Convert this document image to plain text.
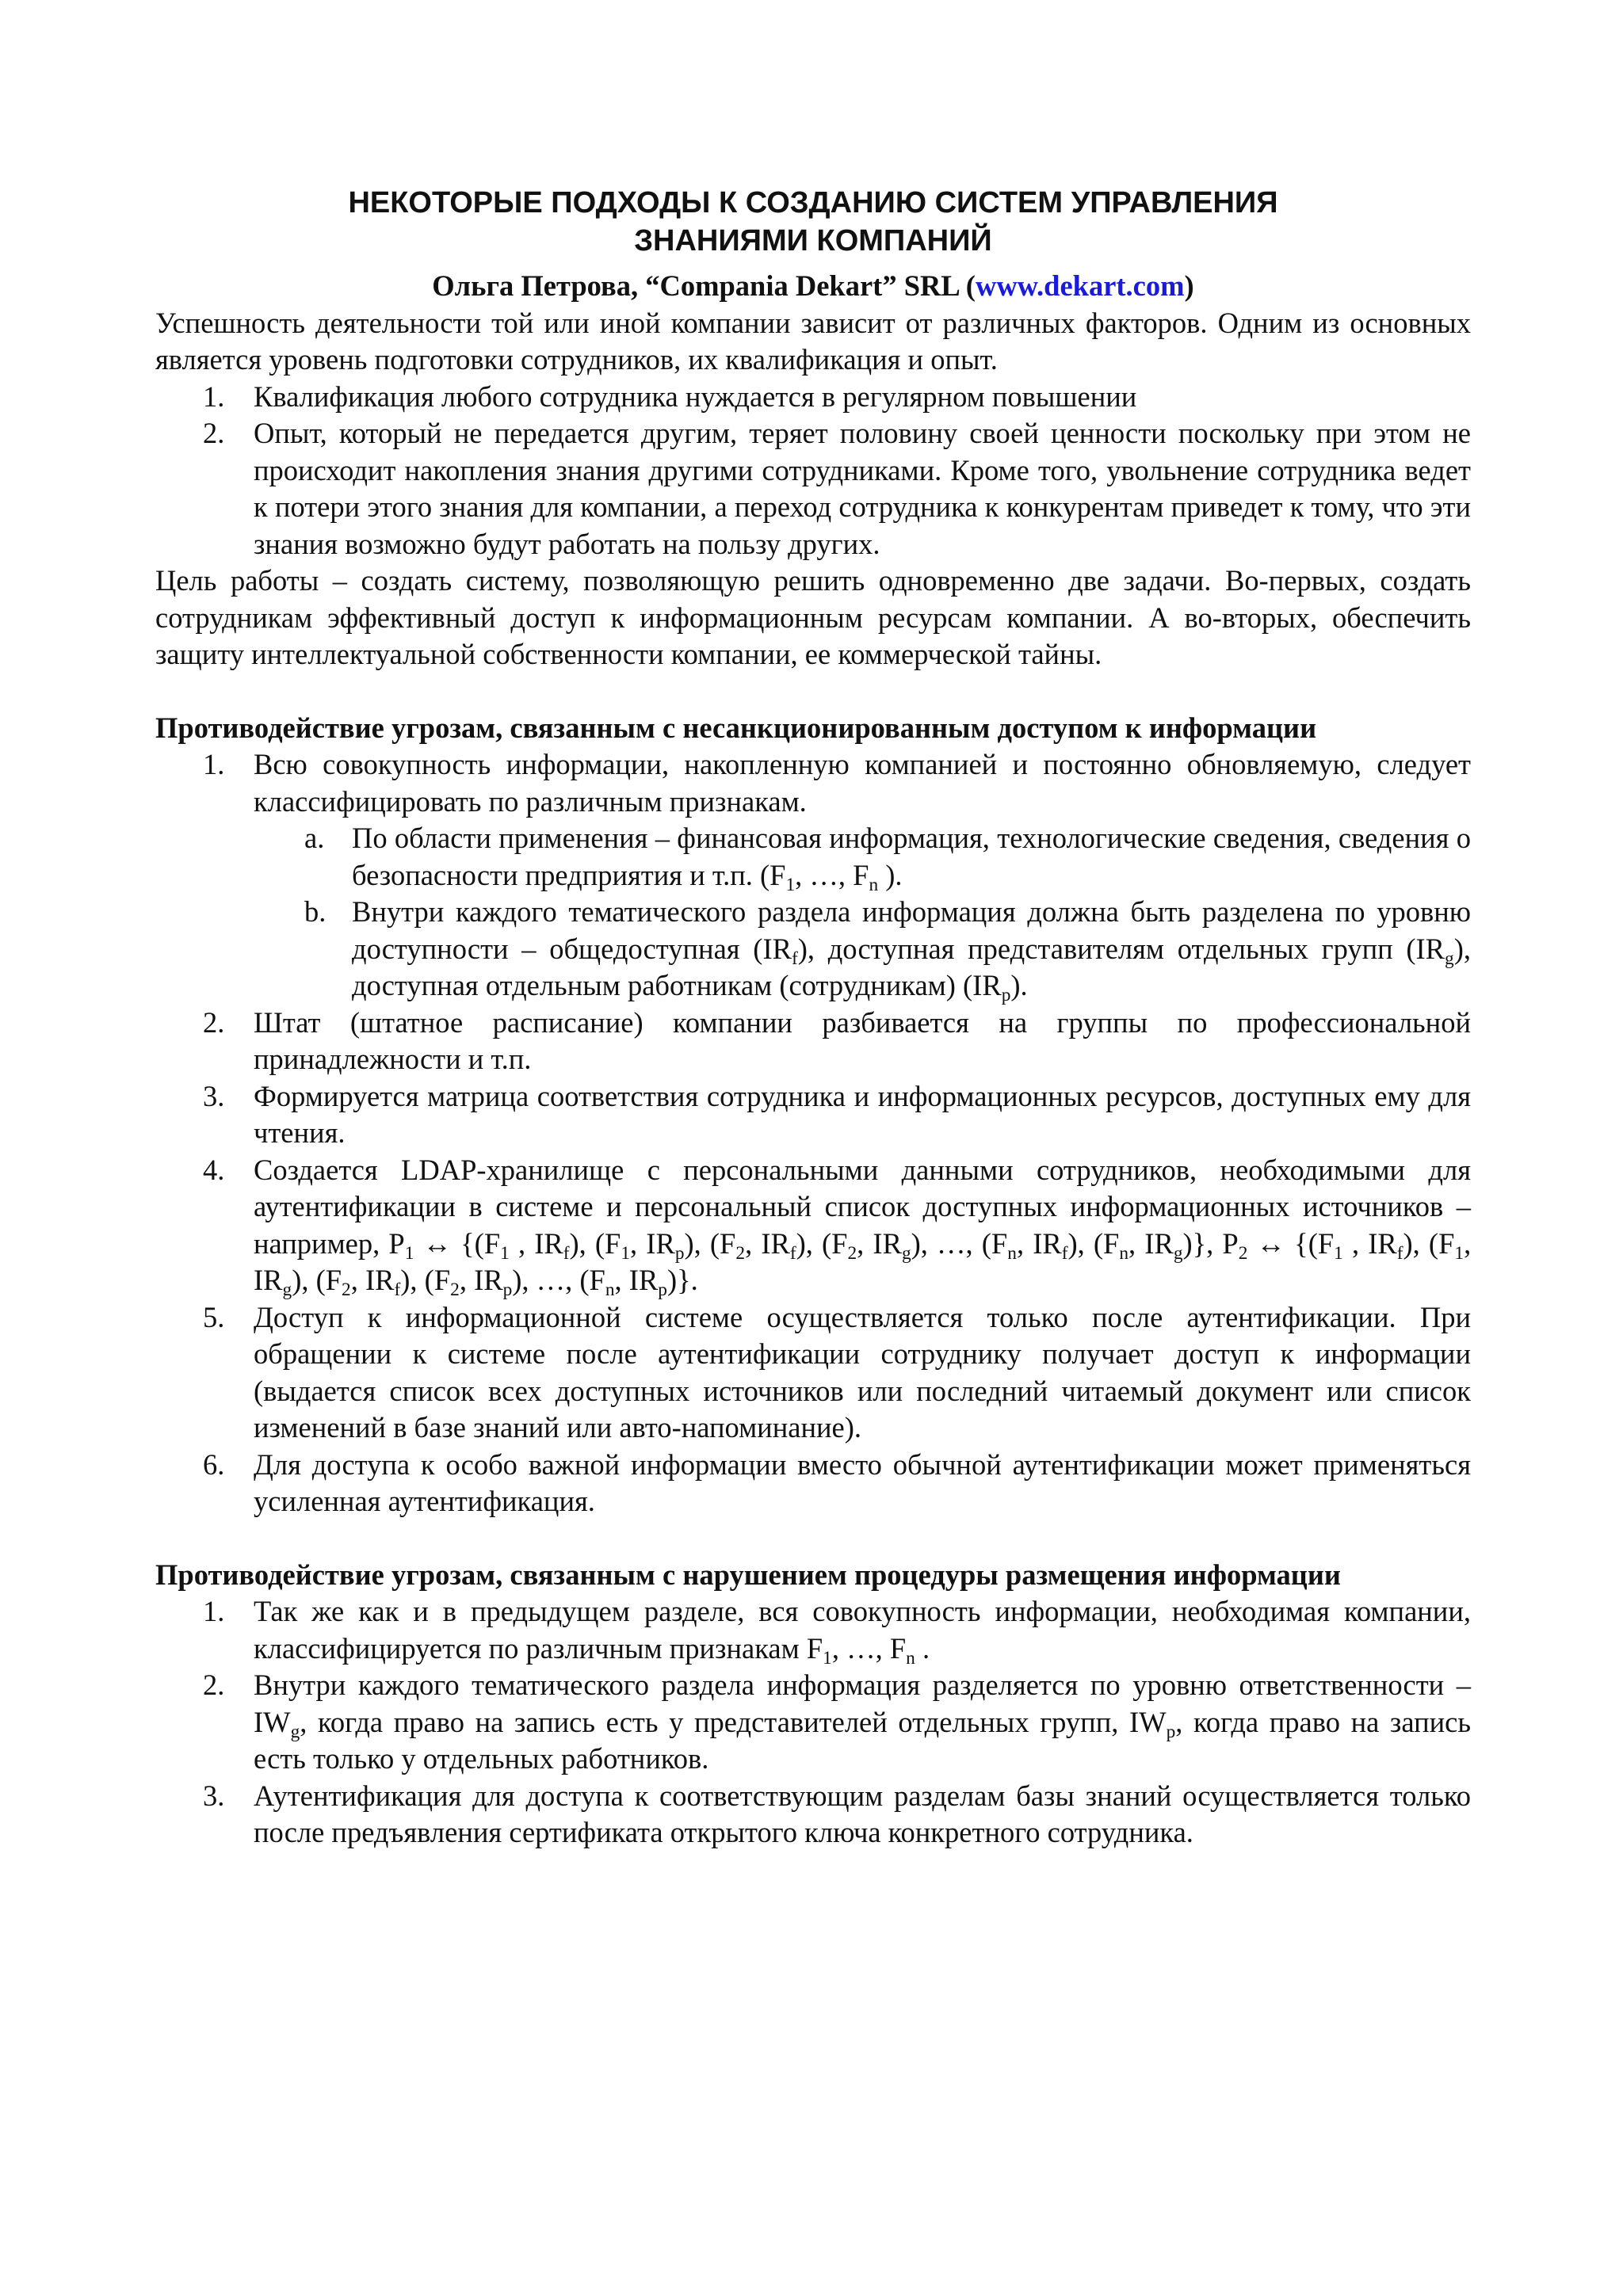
НЕКОТОРЫЕ ПОДХОДЫ К СОЗДАНИЮ СИСТЕМ УПРАВЛЕНИЯ
ЗНАНИЯМИ КОМПАНИЙ
Ольга Петрова, “Compania Dekart” SRL (www.dekart.com)

Успешность деятельности той или иной компании зависит от различных факторов. Одним из основных является уровень подготовки сотрудников, их квалификация и опыт.

1. Квалификация любого сотрудника нуждается в регулярном повышении
2. Опыт, который не передается другим, теряет половину своей ценности поскольку при этом не происходит накопления знания другими сотрудниками. Кроме того, увольнение сотрудника ведет к потери этого знания для компании, а переход сотрудника к конкурентам приведет к тому, что эти знания возможно будут работать на пользу других.

Цель работы – создать систему, позволяющую решить одновременно две задачи. Во-первых, создать сотрудникам эффективный доступ к информационным ресурсам компании. А во-вторых, обеспечить защиту интеллектуальной собственности компании, ее коммерческой тайны.

Противодействие угрозам, связанным с несанкционированным доступом к информации

1. Всю совокупность информации, накопленную компанией и постоянно обновляемую, следует классифицировать по различным признакам.
a. По области применения – финансовая информация, технологические сведения, сведения о безопасности предприятия и т.п. ($F_1$, …, $F_n$ ).
b. Внутри каждого тематического раздела информация должна быть разделена по уровню доступности – общедоступная $(IR_f)$, доступная представителям отдельных групп $(IR_g)$, доступная отдельным работникам (сотрудникам) $(IR_p)$.
2. Штат (штатное расписание) компании разбивается на группы по профессиональной принадлежности и т.п.
3. Формируется матрица соответствия сотрудника и информационных ресурсов, доступных ему для чтения.
4. Создается LDAP-хранилище с персональными данными сотрудников, необходимыми для аутентификации в системе и персональный список доступных информационных источников – например, $P_1$ ↔ {($F_1$ , $IR_f$), ($F_1$, $IR_p$), ($F_2$, $IR_f$), ($F_2$, $IR_g$), …, ($F_n$, $IR_f$), ($F_n$, $IR_g$)}, $P_2$ ↔ {($F_1$ , $IR_f$), ($F_1$, $IR_g$), ($F_2$, $IR_f$), ($F_2$, $IR_p$), …, ($F_n$, $IR_p$)}.
5. Доступ к информационной системе осуществляется только после аутентификации. При обращении к системе после аутентификации сотруднику получает доступ к информации (выдается список всех доступных источников или последний читаемый документ или список изменений в базе знаний или авто-напоминание).
6. Для доступа к особо важной информации вместо обычной аутентификации может применяться усиленная аутентификация.

Противодействие угрозам, связанным с нарушением процедуры размещения информации

1. Так же как и в предыдущем разделе, вся совокупность информации, необходимая компании, классифицируется по различным признакам $F_1$, …, $F_n$ .
2. Внутри каждого тематического раздела информация разделяется по уровню ответственности – $IW_g$, когда право на запись есть у представителей отдельных групп, $IW_p$, когда право на запись есть только у отдельных работников.
3. Аутентификация для доступа к соответствующим разделам базы знаний осуществляется только после предъявления сертификата открытого ключа конкретного сотрудника.
